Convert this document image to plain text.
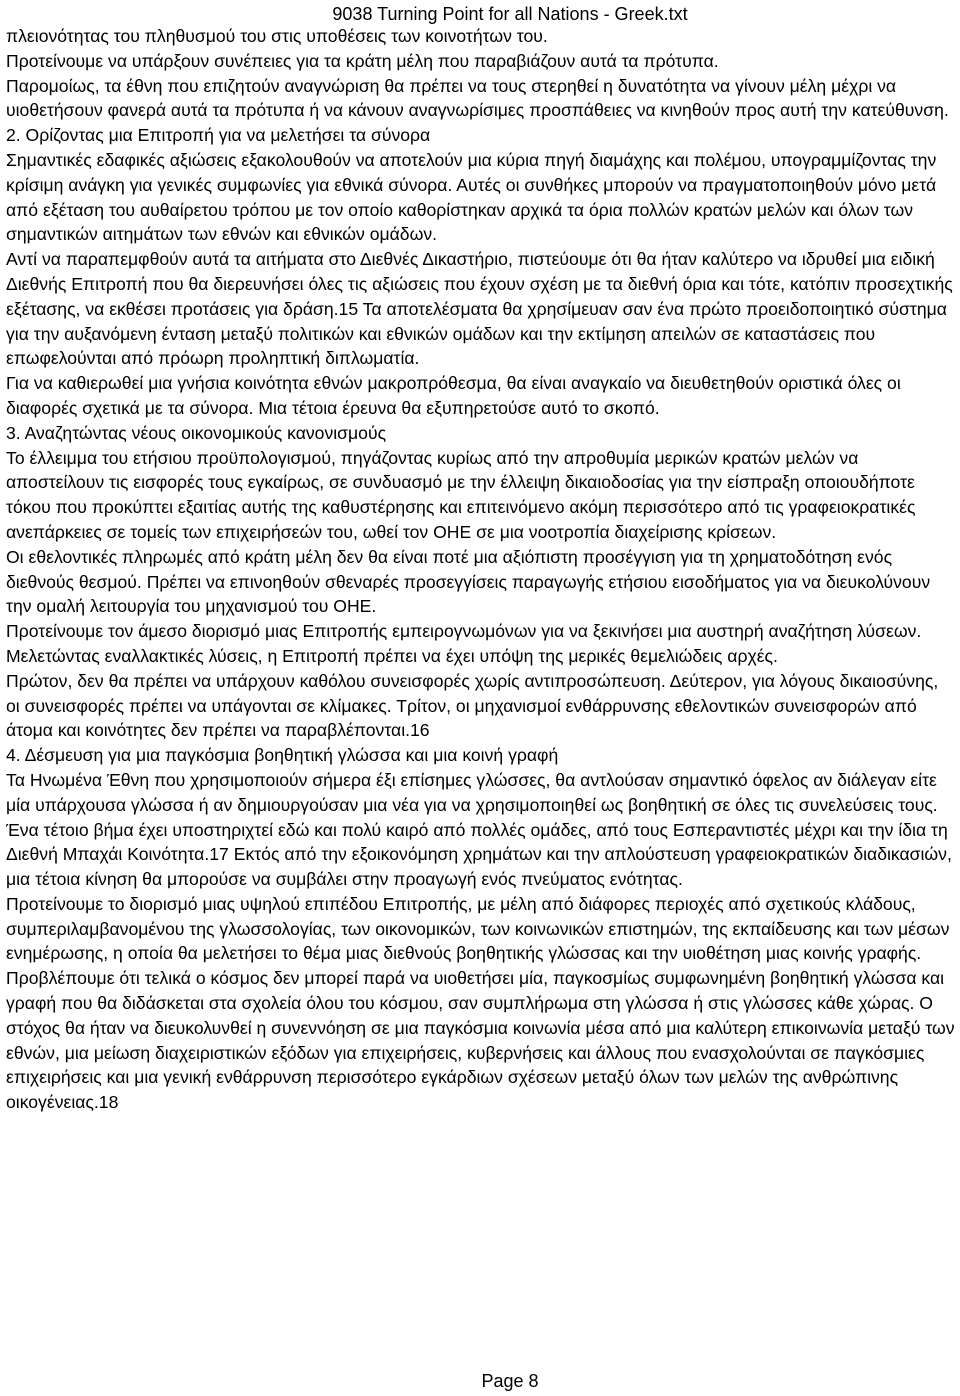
9038 Turning Point for all Nations - Greek.txt

πλειονότητας του πληθυσμού του στις υποθέσεις των κοινοτήτων του.

Προτείνουμε να υπάρξουν συνέπειες για τα κράτη μέλη που παραβιάζουν αυτά τα πρότυπα.

Παρομοίως, τα έθνη που επιζητούν αναγνώριση θα πρέπει να τους στερηθεί η δυνατότητα να γίνουν μέλη μέχρι να υιοθετήσουν φανερά αυτά τα πρότυπα ή να κάνουν αναγνωρίσιμες προσπάθειες να κινηθούν προς αυτή την κατεύθυνση.

2. Ορίζοντας μια Επιτροπή για να μελετήσει τα σύνορα

Σημαντικές εδαφικές αξιώσεις εξακολουθούν να αποτελούν μια κύρια πηγή διαμάχης και πολέμου, υπογραμμίζοντας την κρίσιμη ανάγκη για γενικές συμφωνίες για εθνικά σύνορα. Αυτές οι συνθήκες μπορούν να πραγματοποιηθούν μόνο μετά από εξέταση του αυθαίρετου τρόπου με τον οποίο καθορίστηκαν αρχικά τα όρια πολλών κρατών μελών και όλων των σημαντικών αιτημάτων των εθνών και εθνικών ομάδων.

Αντί να παραπεμφθούν αυτά τα αιτήματα στο Διεθνές Δικαστήριο, πιστεύουμε ότι θα ήταν καλύτερο να ιδρυθεί μια ειδική Διεθνής Επιτροπή που θα διερευνήσει όλες τις αξιώσεις που έχουν σχέση με τα διεθνή όρια και τότε, κατόπιν προσεχτικής εξέτασης, να εκθέσει προτάσεις για δράση.15 Τα αποτελέσματα θα χρησίμευαν σαν ένα πρώτο προειδοποιητικό σύστημα για την αυξανόμενη ένταση μεταξύ πολιτικών και εθνικών ομάδων και την εκτίμηση απειλών σε καταστάσεις που επωφελούνται από πρόωρη προληπτική διπλωματία.

Για να καθιερωθεί μια γνήσια κοινότητα εθνών μακροπρόθεσμα, θα είναι αναγκαίο να διευθετηθούν οριστικά όλες οι διαφορές σχετικά με τα σύνορα. Μια τέτοια έρευνα θα εξυπηρετούσε αυτό το σκοπό.

3. Αναζητώντας νέους οικονομικούς κανονισμούς

Το έλλειμμα του ετήσιου προϋπολογισμού, πηγάζοντας κυρίως από την απροθυμία μερικών κρατών μελών να αποστείλουν τις εισφορές τους εγκαίρως, σε συνδυασμό με την έλλειψη δικαιοδοσίας για την είσπραξη οποιουδήποτε τόκου που προκύπτει εξαιτίας αυτής της καθυστέρησης και επιτεινόμενο ακόμη περισσότερο από τις γραφειοκρατικές ανεπάρκειες σε τομείς των επιχειρήσεών του, ωθεί τον ΟΗΕ σε μια νοοτροπία διαχείρισης κρίσεων.

Οι εθελοντικές πληρωμές από κράτη μέλη δεν θα είναι ποτέ μια αξιόπιστη προσέγγιση για τη χρηματοδότηση ενός διεθνούς θεσμού. Πρέπει να επινοηθούν σθεναρές προσεγγίσεις παραγωγής ετήσιου εισοδήματος για να διευκολύνουν την ομαλή λειτουργία του μηχανισμού του ΟΗΕ.

Προτείνουμε τον άμεσο διορισμό μιας Επιτροπής εμπειρογνωμόνων για να ξεκινήσει μια αυστηρή αναζήτηση λύσεων.

Μελετώντας εναλλακτικές λύσεις, η Επιτροπή πρέπει να έχει υπόψη της μερικές θεμελιώδεις αρχές.

Πρώτον, δεν θα πρέπει να υπάρχουν καθόλου συνεισφορές χωρίς αντιπροσώπευση. Δεύτερον, για λόγους δικαιοσύνης, οι συνεισφορές πρέπει να υπάγονται σε κλίμακες. Τρίτον, οι μηχανισμοί ενθάρρυνσης εθελοντικών συνεισφορών από άτομα και κοινότητες δεν πρέπει να παραβλέπονται.16

4. Δέσμευση για μια παγκόσμια βοηθητική γλώσσα και μια κοινή γραφή

Τα Ηνωμένα Έθνη που χρησιμοποιούν σήμερα έξι επίσημες γλώσσες, θα αντλούσαν σημαντικό όφελος αν διάλεγαν είτε μία υπάρχουσα γλώσσα ή αν δημιουργούσαν μια νέα για να χρησιμοποιηθεί ως βοηθητική σε όλες τις συνελεύσεις τους. Ένα τέτοιο βήμα έχει υποστηριχτεί εδώ και πολύ καιρό από πολλές ομάδες, από τους Εσπεραντιστές μέχρι και την ίδια τη Διεθνή Μπαχάι Κοινότητα.17 Εκτός από την εξοικονόμηση χρημάτων και την απλούστευση γραφειοκρατικών διαδικασιών, μια τέτοια κίνηση θα μπορούσε να συμβάλει στην προαγωγή ενός πνεύματος ενότητας.

Προτείνουμε το διορισμό μιας υψηλού επιπέδου Επιτροπής, με μέλη από διάφορες περιοχές από σχετικούς κλάδους, συμπεριλαμβανομένου της γλωσσολογίας, των οικονομικών, των κοινωνικών επιστημών, της εκπαίδευσης και των μέσων ενημέρωσης, η οποία θα μελετήσει το θέμα μιας διεθνούς βοηθητικής γλώσσας και την υιοθέτηση μιας κοινής γραφής.

Προβλέπουμε ότι τελικά ο κόσμος δεν μπορεί παρά να υιοθετήσει μία, παγκοσμίως συμφωνημένη βοηθητική γλώσσα και γραφή που θα διδάσκεται στα σχολεία όλου του κόσμου, σαν συμπλήρωμα στη γλώσσα ή στις γλώσσες κάθε χώρας. Ο στόχος θα ήταν να διευκολυνθεί η συνεννόηση σε μια παγκόσμια κοινωνία μέσα από μια καλύτερη επικοινωνία μεταξύ των εθνών, μια μείωση διαχειριστικών εξόδων για επιχειρήσεις, κυβερνήσεις και άλλους που ενασχολούνται σε παγκόσμιες επιχειρήσεις και μια γενική ενθάρρυνση περισσότερο εγκάρδιων σχέσεων μεταξύ όλων των μελών της ανθρώπινης οικογένειας.18

Page 8
